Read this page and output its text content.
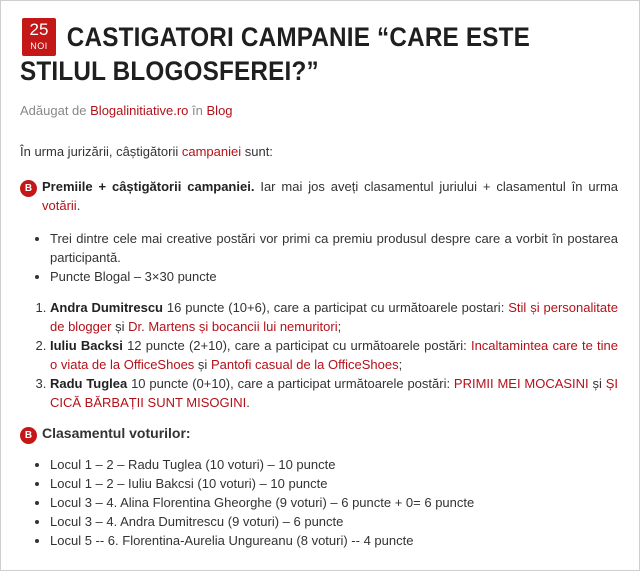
25
NOI CASTIGATORI CAMPANIE “CARE ESTE STILUL BLOGOSFEREI?”
Adăugat de Blogalinitiative.ro în Blog

În urma jurizării, câștigătorii campaniei sunt:

B Premiile + câștigătorii campaniei. Iar mai jos aveți clasamentul juriului + clasamentul în urma votării.

• Trei dintre cele mai creative postări vor primi ca premiu produsul despre care a vorbit în postarea participantă.
• Puncte Blogal – 3×30 puncte
1. Andra Dumitrescu 16 puncte (10+6), care a participat cu următoarele postari: Stil și personalitate de blogger și Dr. Martens și bocancii lui nemuritori;
2. Iuliu Backsi 12 puncte (2+10), care a participat cu următoarele postări: Incaltamintea care te tine o viata de la OfficeShoes și Pantofi casual de la OfficeShoes;
3. Radu Tuglea 10 puncte (0+10), care a participat următoarele postări: PRIMII MEI MOCASINI și ȘI CICĂ BĂRBAȚII SUNT MISOGINI.

B Clasamentul voturilor:

• Locul 1 – 2 – Radu Tuglea (10 voturi) – 10 puncte
• Locul 1 – 2 – Iuliu Bakcsi (10 voturi) – 10 puncte
• Locul 3 – 4. Alina Florentina Gheorghe (9 voturi) – 6 puncte + 0= 6 puncte
• Locul 3 – 4. Andra Dumitrescu (9 voturi) – 6 puncte
• Locul 5 -- 6. Florentina-Aurelia Ungureanu (8 voturi) -- 4 puncte
